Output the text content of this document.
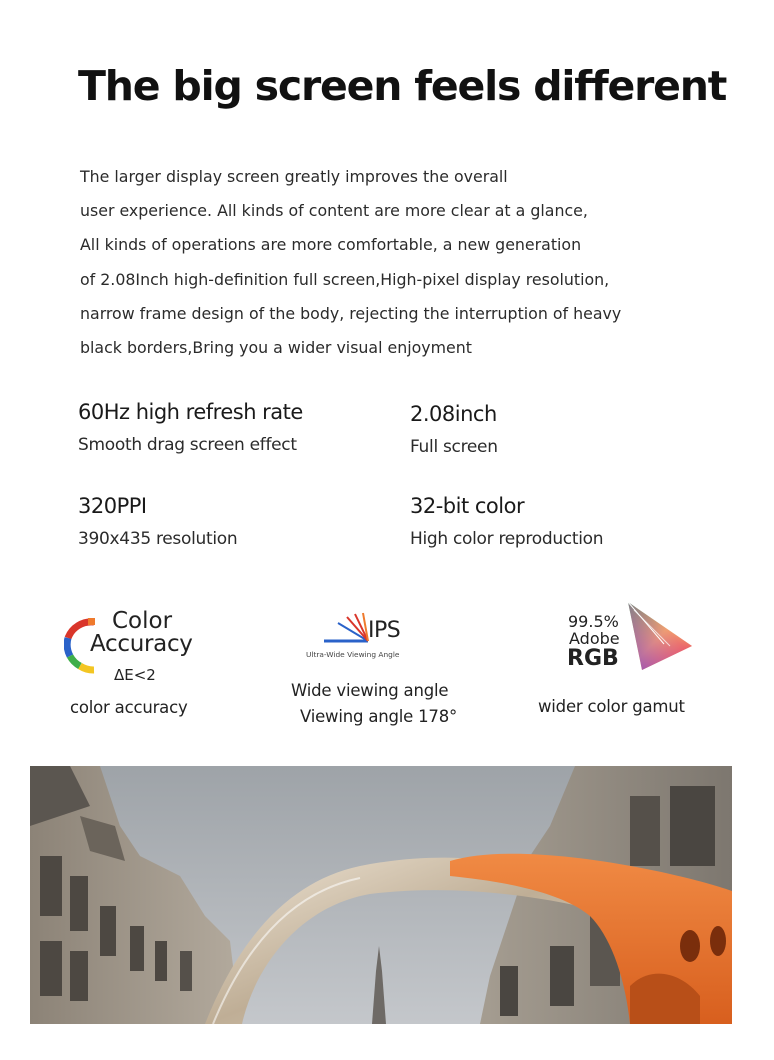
The big screen feels different
The larger display screen greatly improves the overall
user experience. All kinds of content are more clear at a glance,
All kinds of operations are more comfortable, a new generation
of 2.08Inch high-definition full screen,High-pixel display resolution,
narrow frame design of the body, rejecting the interruption of heavy
black borders,Bring you a wider visual enjoyment
60Hz high refresh rate
Smooth drag screen effect
2.08inch
Full screen
320PPI
390x435 resolution
32-bit color
High color reproduction
Color
Accuracy
ΔE<2
color accuracy
IPS
Ultra-Wide Viewing Angle
Wide viewing angle
Viewing angle 178°
99.5%
Adobe
RGB
wider color gamut
